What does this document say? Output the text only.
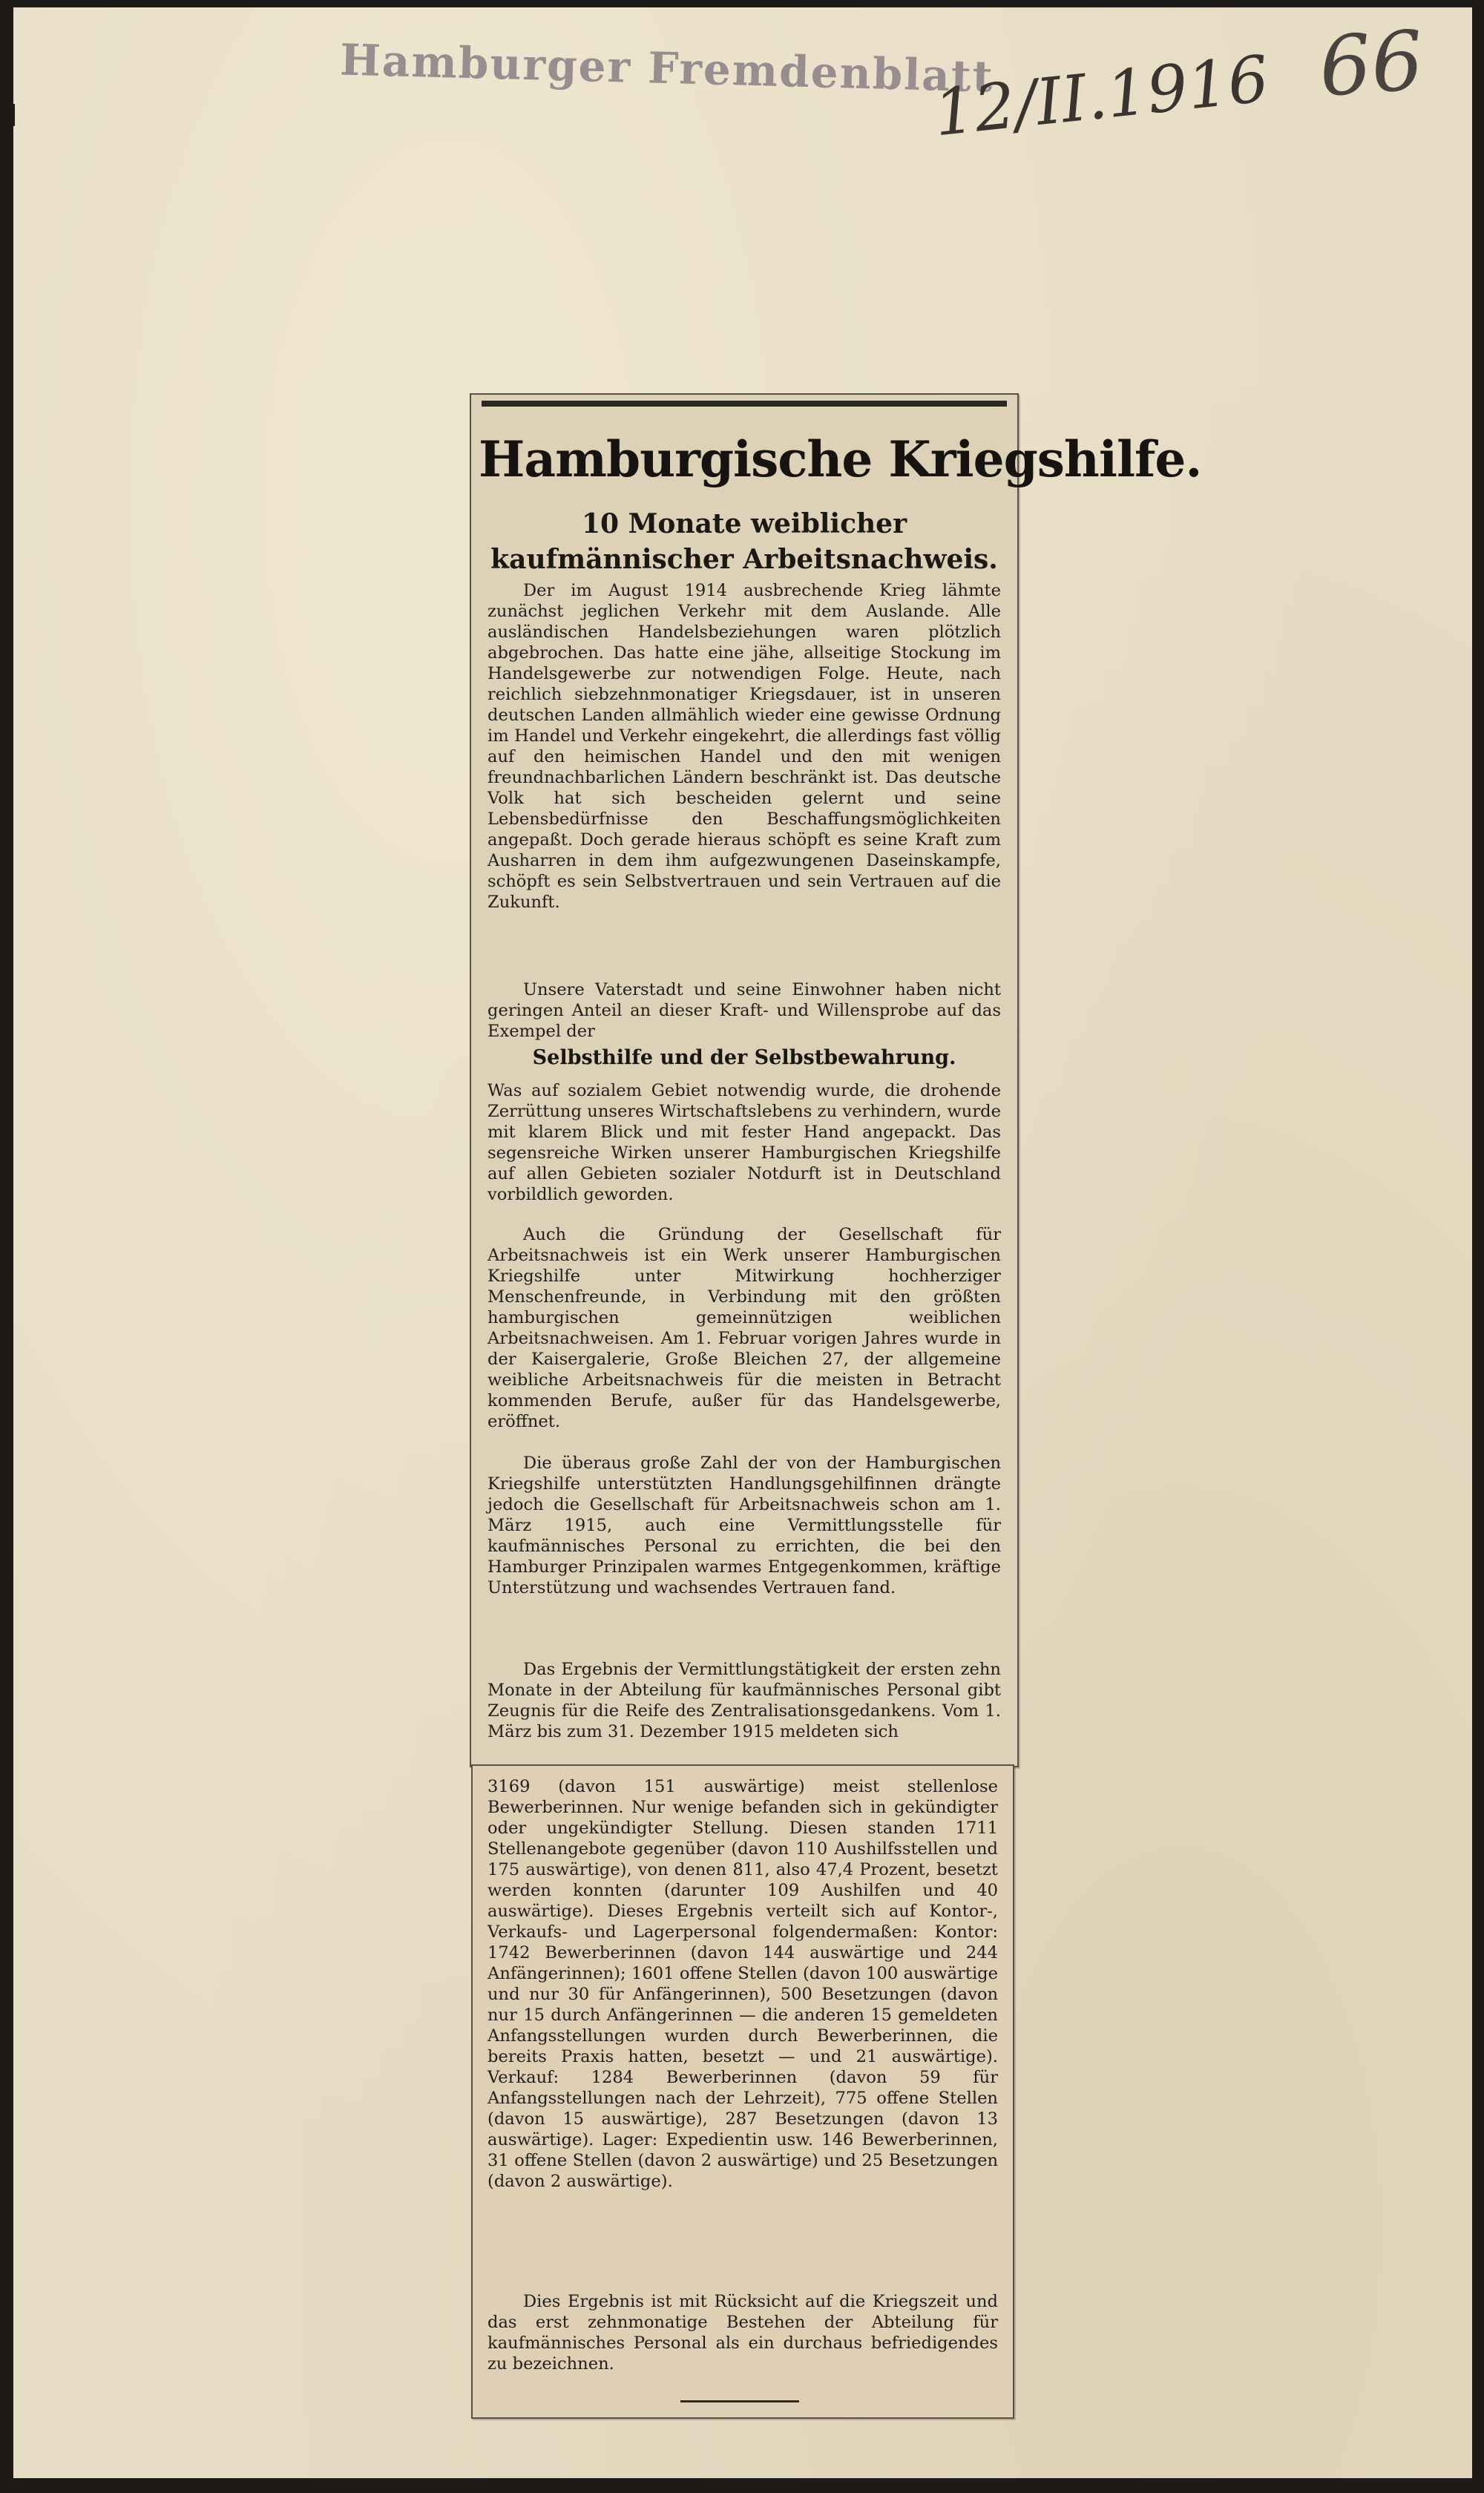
Hamburger Fremdenblatt
12/II.1916 66
Hamburgische Kriegshilfe.
10 Monate weiblicher kaufmännischer Arbeitsnachweis.

Der im August 1914 ausbrechende Krieg lähmte zunächst jeglichen Verkehr mit dem Auslande. Alle ausländischen Handelsbeziehungen waren plötzlich abgebrochen. Das hatte eine jähe, allseitige Stockung im Handelsgewerbe zur notwendigen Folge. Heute, nach reichlich siebzehnmonatiger Kriegsdauer, ist in unseren deutschen Landen allmählich wieder eine gewisse Ordnung im Handel und Verkehr eingekehrt, die allerdings fast völlig auf den heimischen Handel und den mit wenigen freundnachbarlichen Ländern beschränkt ist. Das deutsche Volk hat sich bescheiden gelernt und seine Lebensbedürfnisse den Beschaffungsmöglichkeiten angepaßt. Doch gerade hieraus schöpft es seine Kraft zum Ausharren in dem ihm aufgezwungenen Daseinskampfe, schöpft es sein Selbstvertrauen und sein Vertrauen auf die Zukunft.

Unsere Vaterstadt und seine Einwohner haben nicht geringen Anteil an dieser Kraft- und Willensprobe auf das Exempel der

Selbsthilfe und der Selbstbewahrung.

Was auf sozialem Gebiet notwendig wurde, die drohende Zerrüttung unseres Wirtschaftslebens zu verhindern, wurde mit klarem Blick und mit fester Hand angepackt. Das segensreiche Wirken unserer Hamburgischen Kriegshilfe auf allen Gebieten sozialer Notdurft ist in Deutschland vorbildlich geworden.

Auch die Gründung der Gesellschaft für Arbeitsnachweis ist ein Werk unserer Hamburgischen Kriegshilfe unter Mitwirkung hochherziger Menschenfreunde, in Verbindung mit den größten hamburgischen gemeinnützigen weiblichen Arbeitsnachweisen. Am 1. Februar vorigen Jahres wurde in der Kaisergalerie, Große Bleichen 27, der allgemeine weibliche Arbeitsnachweis für die meisten in Betracht kommenden Berufe, außer für das Handelsgewerbe, eröffnet.

Die überaus große Zahl der von der Hamburgischen Kriegshilfe unterstützten Handlungsgehilfinnen drängte jedoch die Gesellschaft für Arbeitsnachweis schon am 1. März 1915, auch eine Vermittlungsstelle für kaufmännisches Personal zu errichten, die bei den Hamburger Prinzipalen warmes Entgegenkommen, kräftige Unterstützung und wachsendes Vertrauen fand.

Das Ergebnis der Vermittlungstätigkeit der ersten zehn Monate in der Abteilung für kaufmännisches Personal gibt Zeugnis für die Reife des Zentralisationsgedankens. Vom 1. März bis zum 31. Dezember 1915 meldeten sich

3169 (davon 151 auswärtige) meist stellenlose Bewerberinnen. Nur wenige befanden sich in gekündigter oder ungekündigter Stellung. Diesen standen 1711 Stellenangebote gegenüber (davon 110 Aushilfsstellen und 175 auswärtige), von denen 811, also 47,4 Prozent, besetzt werden konnten (darunter 109 Aushilfen und 40 auswärtige). Dieses Ergebnis verteilt sich auf Kontor-, Verkaufs- und Lagerpersonal folgendermaßen: Kontor: 1742 Bewerberinnen (davon 144 auswärtige und 244 Anfängerinnen); 1601 offene Stellen (davon 100 auswärtige und nur 30 für Anfängerinnen), 500 Besetzungen (davon nur 15 durch Anfängerinnen — die anderen 15 gemeldeten Anfangsstellungen wurden durch Bewerberinnen, die bereits Praxis hatten, besetzt — und 21 auswärtige). Verkauf: 1284 Bewerberinnen (davon 59 für Anfangsstellungen nach der Lehrzeit), 775 offene Stellen (davon 15 auswärtige), 287 Besetzungen (davon 13 auswärtige). Lager: Expedientin usw. 146 Bewerberinnen, 31 offene Stellen (davon 2 auswärtige) und 25 Besetzungen (davon 2 auswärtige).

Dies Ergebnis ist mit Rücksicht auf die Kriegszeit und das erst zehnmonatige Bestehen der Abteilung für kaufmännisches Personal als ein durchaus befriedigendes zu bezeichnen.
